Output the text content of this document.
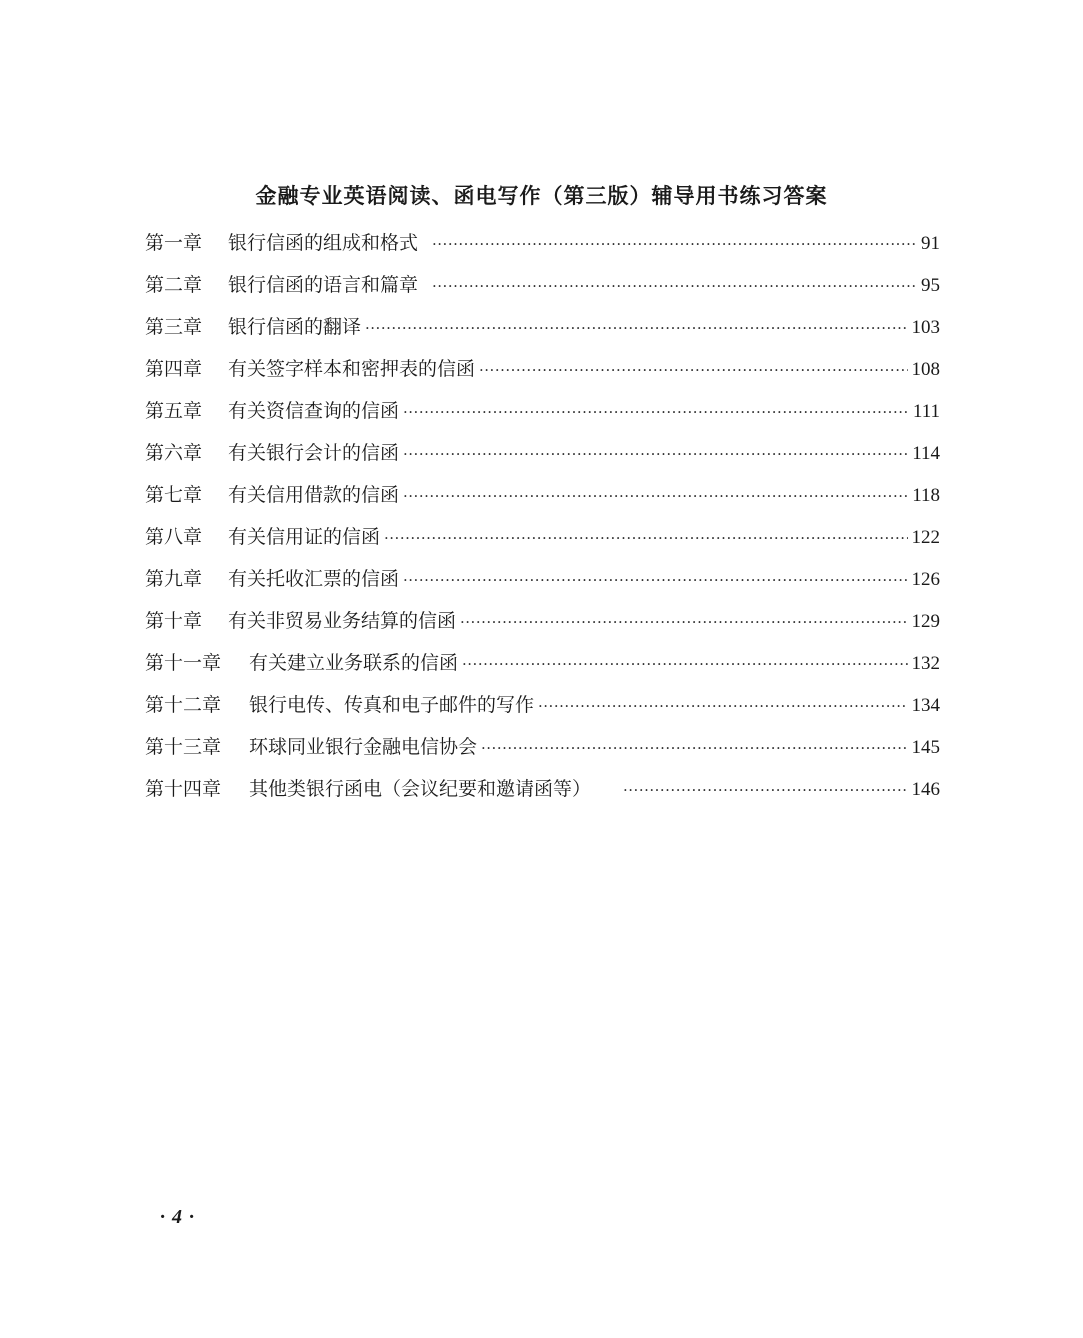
金融专业英语阅读、函电写作（第三版）辅导用书练习答案
第一章	银行信函的组成和格式 ·····	91
第二章	银行信函的语言和篇章 ·····	95
第三章	银行信函的翻译 ·····	103
第四章	有关签字样本和密押表的信函 ·····	108
第五章	有关资信查询的信函 ·····	111
第六章	有关银行会计的信函 ·····	114
第七章	有关信用借款的信函 ·····	118
第八章	有关信用证的信函 ·····	122
第九章	有关托收汇票的信函 ·····	126
第十章	有关非贸易业务结算的信函 ·····	129
第十一章	有关建立业务联系的信函 ·····	132
第十二章	银行电传、传真和电子邮件的写作 ·····	134
第十三章	环球同业银行金融电信协会 ·····	145
第十四章	其他类银行函电（会议纪要和邀请函等） ·····	146
· 4 ·
